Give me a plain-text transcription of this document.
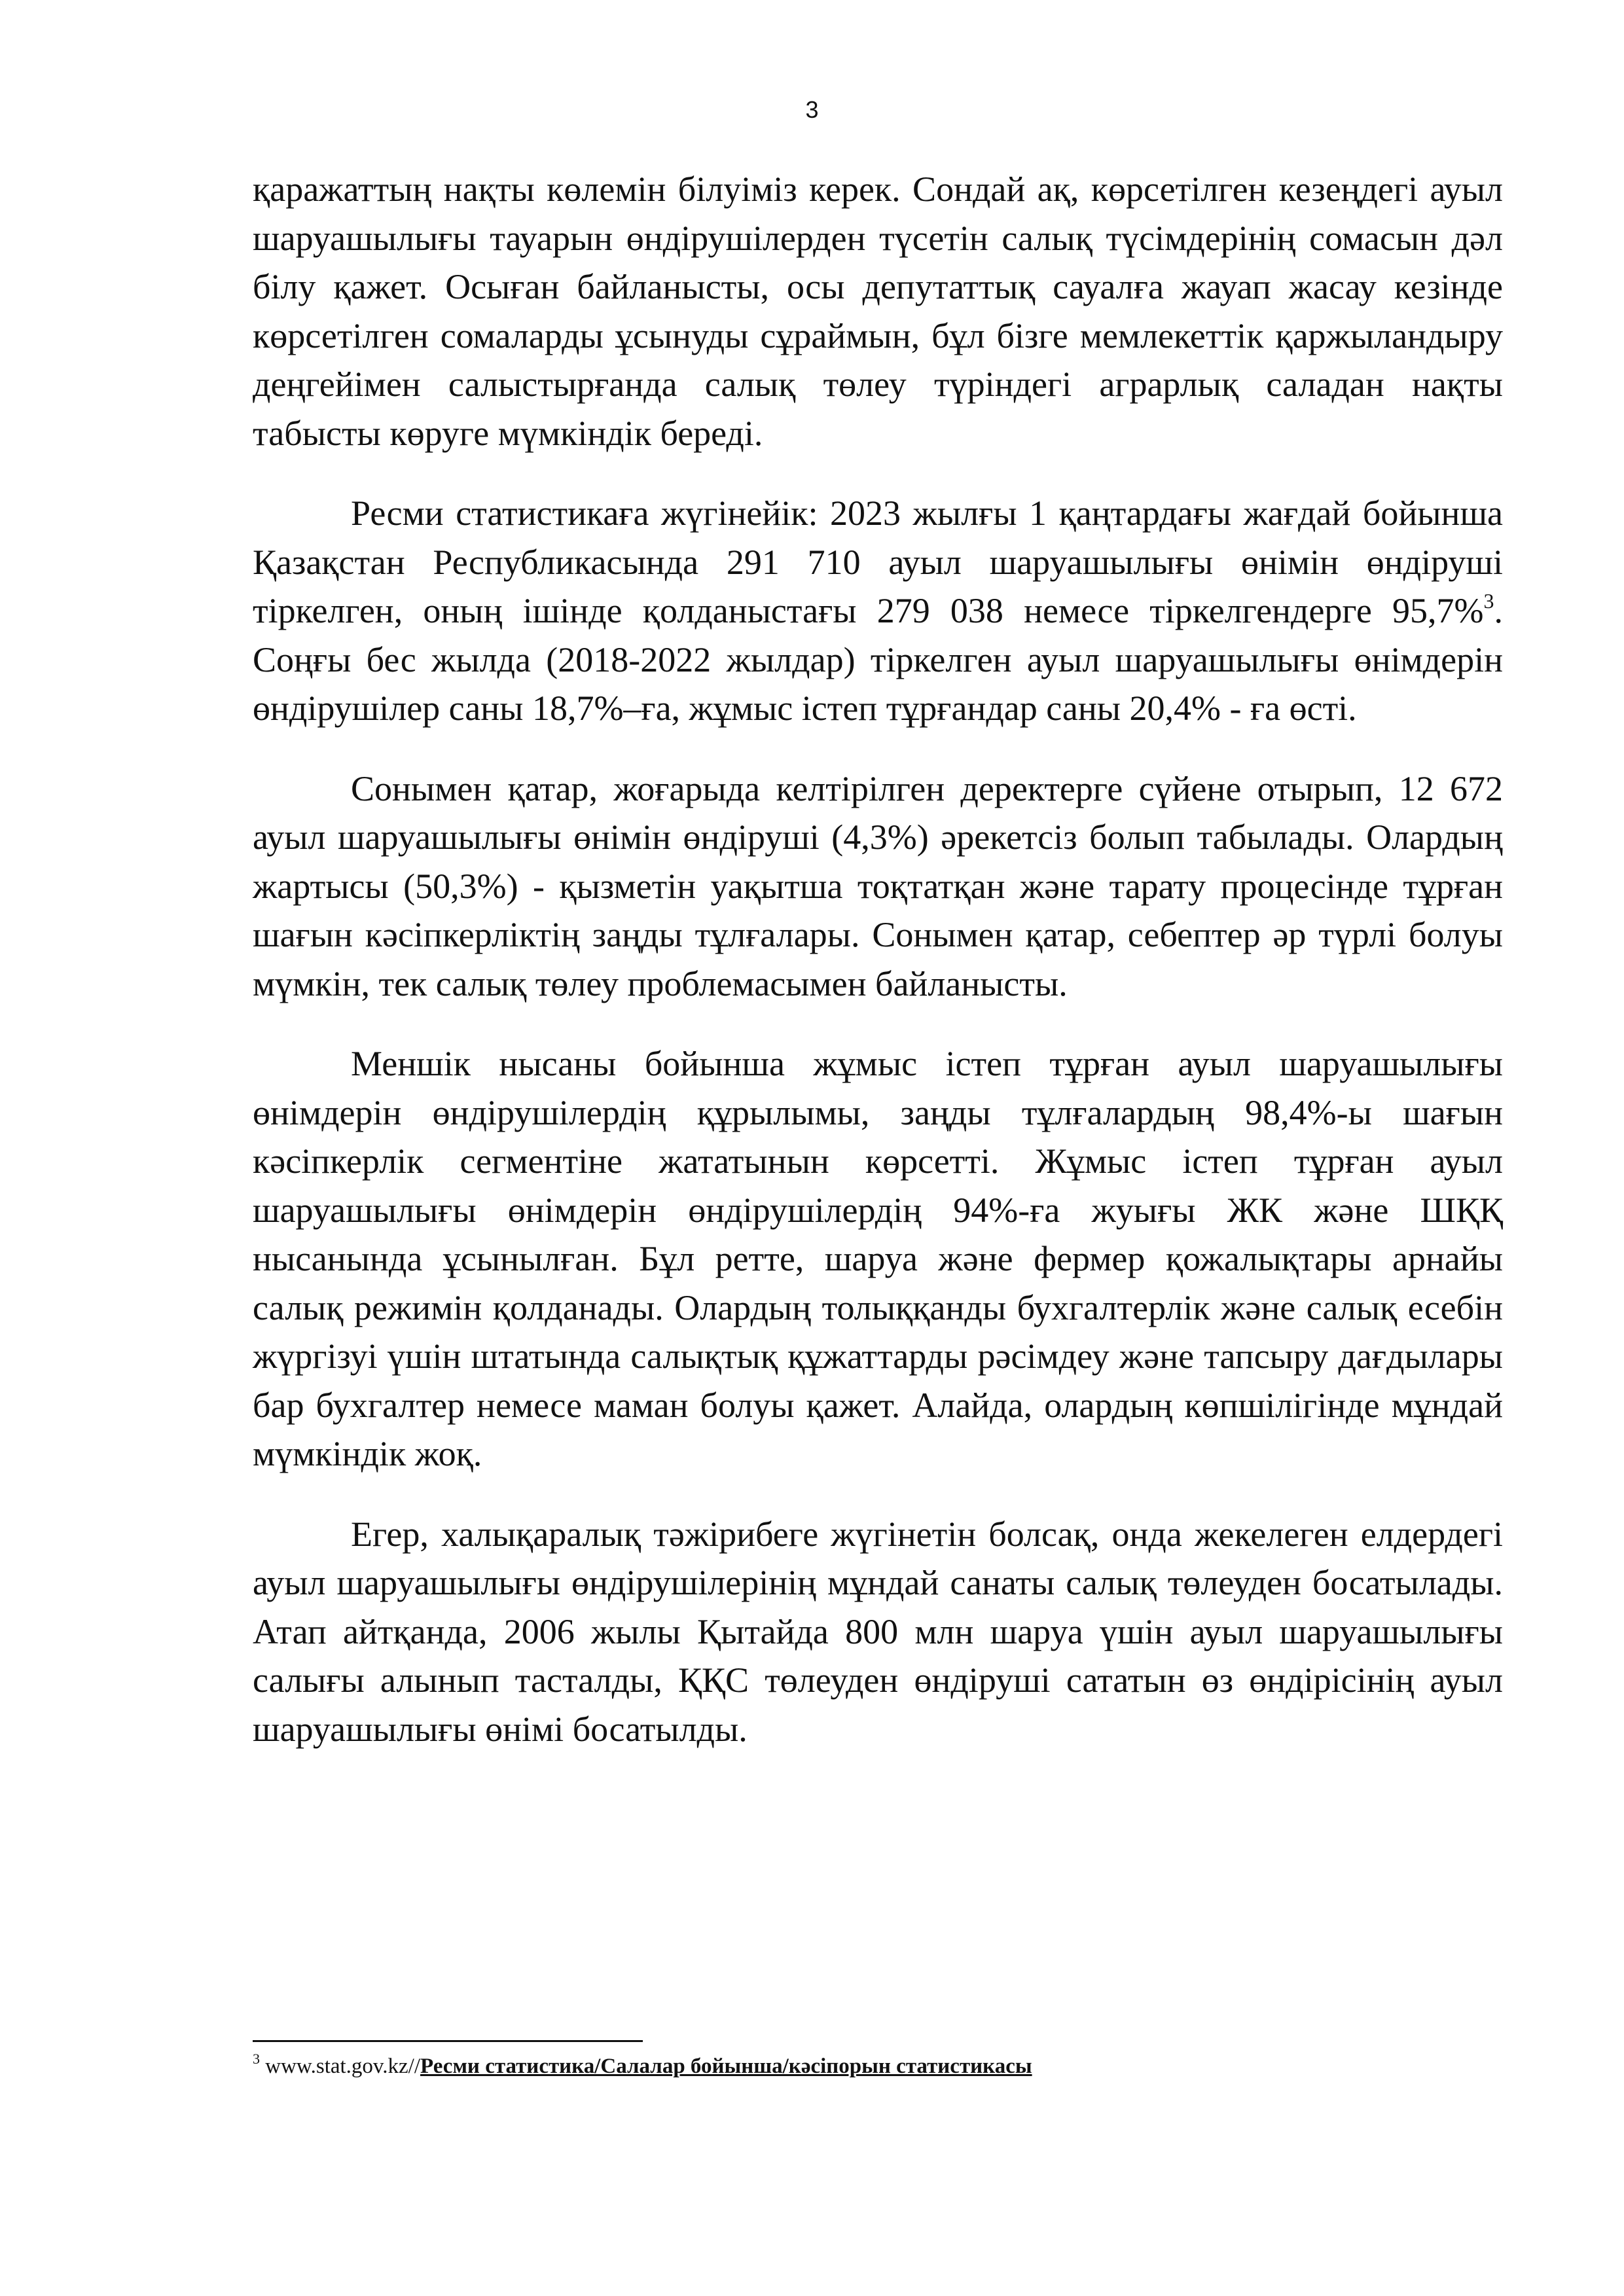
3

қаражаттың нақты көлемін білуіміз керек. Сондай ақ, көрсетілген кезеңдегі ауыл шаруашылығы тауарын өндірушілерден түсетін салық түсімдерінің сомасын дәл білу қажет. Осыған байланысты, осы депутаттық сауалға жауап жасау кезінде көрсетілген сомаларды ұсынуды сұраймын, бұл бізге мемлекеттік қаржыландыру деңгейімен салыстырғанда салық төлеу түріндегі аграрлық саладан нақты табысты көруге мүмкіндік береді.

Ресми статистикаға жүгінейік: 2023 жылғы 1 қаңтардағы жағдай бойынша Қазақстан Республикасында 291 710 ауыл шаруашылығы өнімін өндіруші тіркелген, оның ішінде қолданыстағы 279 038 немесе тіркелгендерге 95,7%$^3$. Соңғы бес жылда (2018-2022 жылдар) тіркелген ауыл шаруашылығы өнімдерін өндірушілер саны 18,7%–ға, жұмыс істеп тұрғандар саны 20,4% - ға өсті.

Сонымен қатар, жоғарыда келтірілген деректерге сүйене отырып, 12 672 ауыл шаруашылығы өнімін өндіруші (4,3%) әрекетсіз болып табылады. Олардың жартысы (50,3%) - қызметін уақытша тоқтатқан және тарату процесінде тұрған шағын кәсіпкерліктің заңды тұлғалары. Сонымен қатар, себептер әр түрлі болуы мүмкін, тек салық төлеу проблемасымен байланысты.

Меншік нысаны бойынша жұмыс істеп тұрған ауыл шаруашылығы өнімдерін өндірушілердің құрылымы, заңды тұлғалардың 98,4%-ы шағын кәсіпкерлік сегментіне жататынын көрсетті. Жұмыс істеп тұрған ауыл шаруашылығы өнімдерін өндірушілердің 94%-ға жуығы ЖК және ШҚҚ нысанында ұсынылған. Бұл ретте, шаруа және фермер қожалықтары арнайы салық режимін қолданады. Олардың толыққанды бухгалтерлік және салық есебін жүргізуі үшін штатында салықтық құжаттарды рәсімдеу және тапсыру дағдылары бар бухгалтер немесе маман болуы қажет. Алайда, олардың көпшілігінде мұндай мүмкіндік жоқ.

Егер, халықаралық тәжірибеге жүгінетін болсақ, онда жекелеген елдердегі ауыл шаруашылығы өндірушілерінің мұндай санаты салық төлеуден босатылады. Атап айтқанда, 2006 жылы Қытайда 800 млн шаруа үшін ауыл шаруашылығы салығы алынып тасталды, ҚҚС төлеуден өндіруші сататын өз өндірісінің ауыл шаруашылығы өнімі босатылды.

$^3$ www.stat.gov.kz//Ресми статистика/Салалар бойынша/кәсіпорын статистикасы
